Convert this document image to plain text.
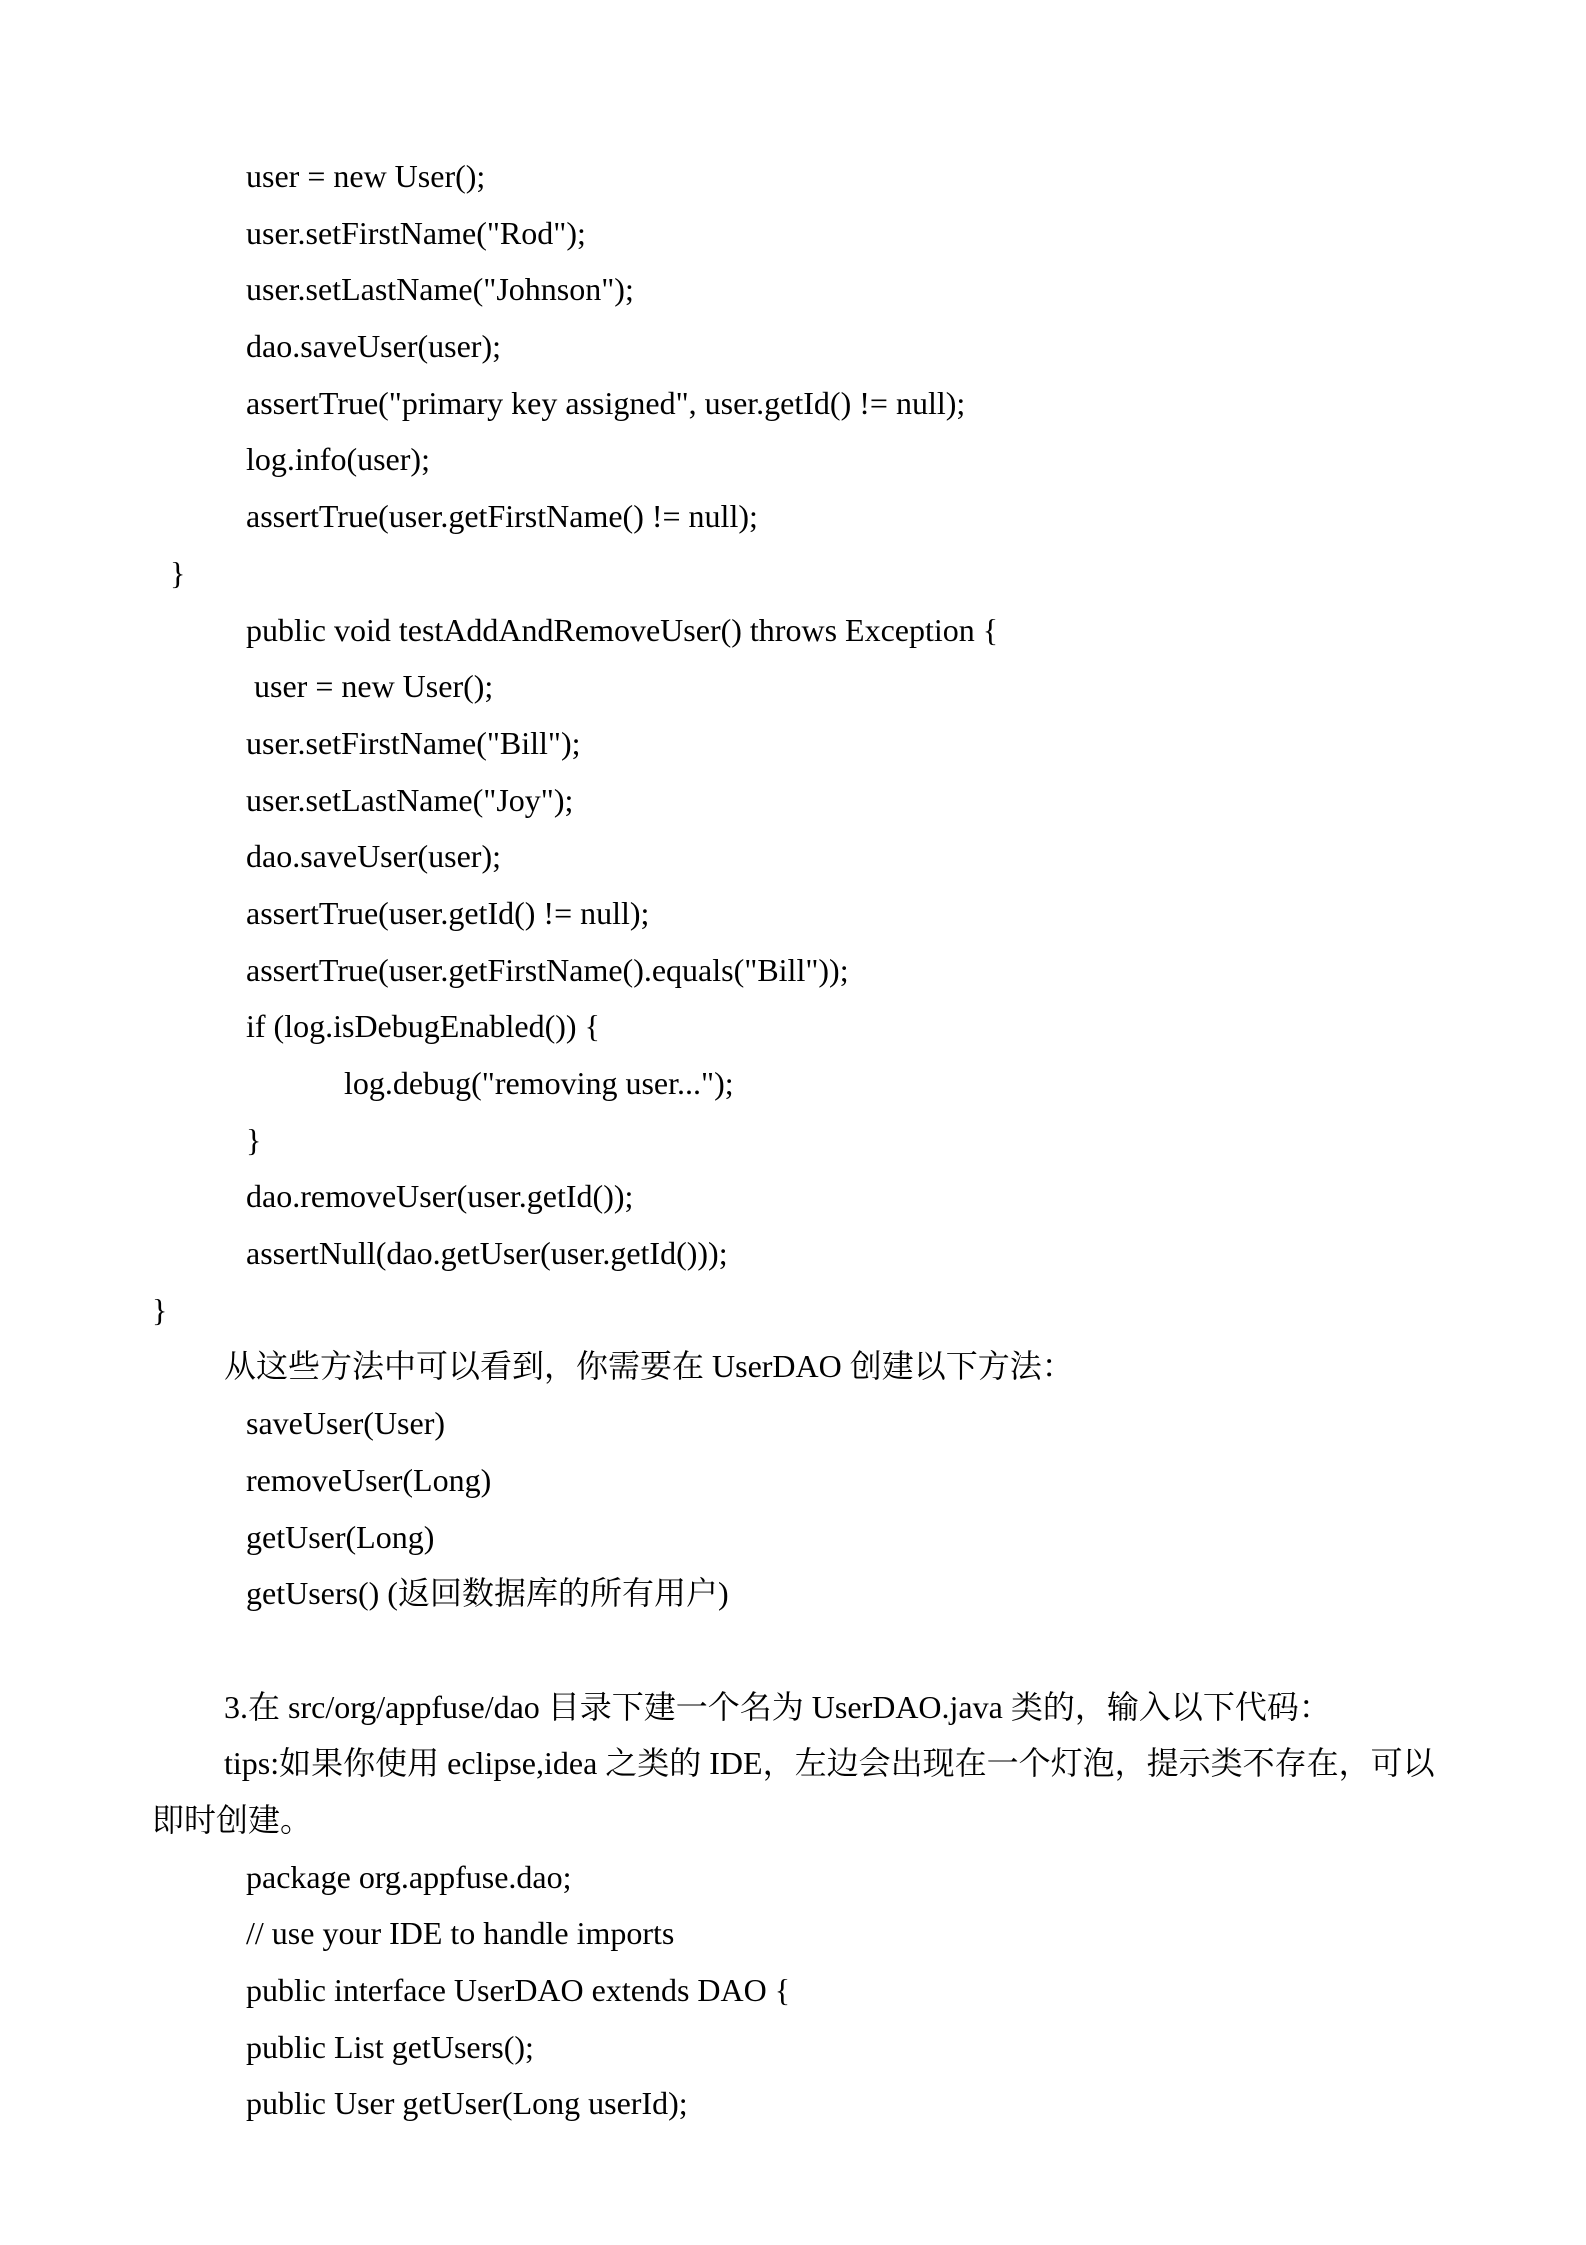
user = new User();
user.setFirstName("Rod");
user.setLastName("Johnson");
dao.saveUser(user);
assertTrue("primary key assigned", user.getId() != null);
log.info(user);
assertTrue(user.getFirstName() != null);
}
public void testAddAndRemoveUser() throws Exception {
user = new User();
user.setFirstName("Bill");
user.setLastName("Joy");
dao.saveUser(user);
assertTrue(user.getId() != null);
assertTrue(user.getFirstName().equals("Bill"));
if (log.isDebugEnabled()) {
log.debug("removing user...");
}
dao.removeUser(user.getId());
assertNull(dao.getUser(user.getId()));
}
从这些方法中可以看到，你需要在 UserDAO 创建以下方法：
saveUser(User)
removeUser(Long)
getUser(Long)
getUsers() (返回数据库的所有用户)
3.在 src/org/appfuse/dao 目录下建一个名为 UserDAO.java 类的，输入以下代码：
tips:如果你使用 eclipse,idea 之类的 IDE，左边会出现在一个灯泡，提示类不存在，可以
即时创建。
package org.appfuse.dao;
// use your IDE to handle imports
public interface UserDAO extends DAO {
public List getUsers();
public User getUser(Long userId);
